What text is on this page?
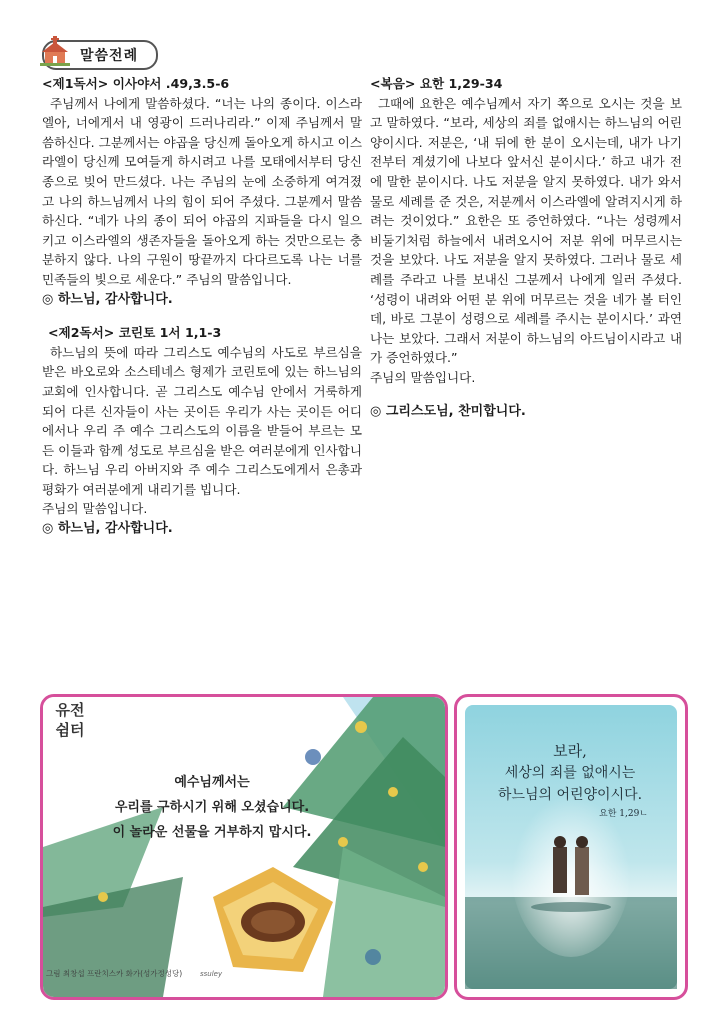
말씀전례
<제1독서> 이사야서 .49,3.5-6
주님께서 나에게 말씀하셨다. “너는 나의 종이다. 이스라엘아, 너에게서 내 영광이 드러나리라.” 이제 주님께서 말씀하신다. 그분께서는 야곱을 당신께 돌아오게 하시고 이스라엘이 당신께 모여들게 하시려고 나를 모태에서부터 당신 종으로 빚어 만드셨다. 나는 주님의 눈에 소중하게 여겨졌고 나의 하느님께서 나의 힘이 되어 주셨다. 그분께서 말씀하신다. “네가 나의 종이 되어 야곱의 지파들을 다시 일으키고 이스라엘의 생존자들을 돌아오게 하는 것만으로는 충분하지 않다. 나의 구원이 땅끝까지 다다르도록 나는 너를 민족들의 빛으로 세운다.” 주님의 말씀입니다.
◎ 하느님, 감사합니다.
<제2독서> 코린토 1서 1,1-3
하느님의 뜻에 따라 그리스도 예수님의 사도로 부르심을 받은 바오로와 소스테네스 형제가 코린토에 있는 하느님의 교회에 인사합니다. 곧 그리스도 예수님 안에서 거룩하게 되어 다른 신자들이 사는 곳이든 우리가 사는 곳이든 어디에서나 우리 주 예수 그리스도의 이름을 받들어 부르는 모든 이들과 함께 성도로 부르심을 받은 여러분에게 인사합니다. 하느님 우리 아버지와 주 예수 그리스도에게서 은총과 평화가 여러분에게 내리기를 빕니다.
주님의 말씀입니다.
◎ 하느님, 감사합니다.
<복음> 요한 1,29-34
그때에 요한은 예수님께서 자기 쪽으로 오시는 것을 보고 말하였다. “보라, 세상의 죄를 없애시는 하느님의 어린양이시다. 저분은, ‘내 뒤에 한 분이 오시는데, 내가 나기 전부터 계셨기에 나보다 앞서신 분이시다.’ 하고 내가 전에 말한 분이시다. 나도 저분을 알지 못하였다. 내가 와서 물로 세례를 준 것은, 저분께서 이스라엘에 알려지시게 하려는 것이었다.” 요한은 또 증언하였다. “나는 성령께서 비둘기처럼 하늘에서 내려오시어 저분 위에 머무르시는 것을 보았다. 나도 저분을 알지 못하였다. 그러나 물로 세례를 주라고 나를 보내신 그분께서 나에게 일러 주셨다. ‘성령이 내려와 어떤 분 위에 머무르는 것을 네가 볼 터인데, 바로 그분이 성령으로 세례를 주시는 분이시다.’ 과연 나는 보았다. 그래서 저분이 하느님의 아드님이시라고 내가 증언하였다.”
주님의 말씀입니다.
◎ 그리스도님, 찬미합니다.
유전
쉼터
예수님께서는
우리를 구하시기 위해 오셨습니다.
이 놀라운 선물을 거부하지 맙시다.
그림 최창섭 프란치스카 화가(성가정성당)	ssuley
보라,
세상의 죄를 없애시는
하느님의 어린양이시다.
요한 1,29ㄴ
